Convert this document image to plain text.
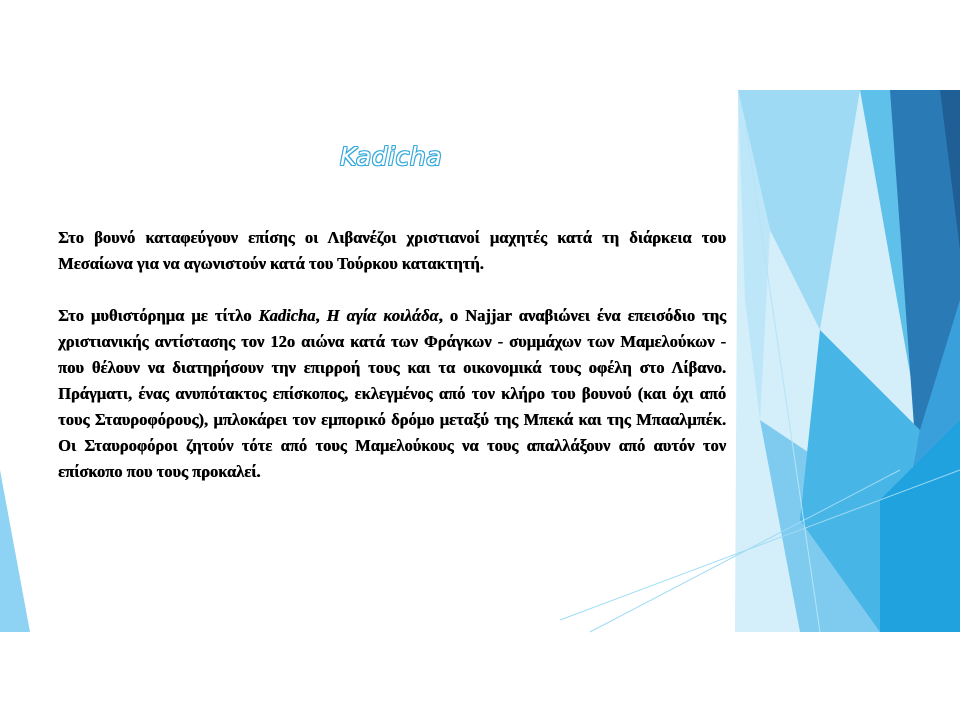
Kadicha

Στο βουνό καταφεύγουν επίσης οι Λιβανέζοι χριστιανοί μαχητές κατά τη διάρκεια του Μεσαίωνα για να αγωνιστούν κατά του Τούρκου κατακτητή.

Στο μυθιστόρημα με τίτλο Kadicha, Η αγία κοιλάδα, ο Najjar αναβιώνει ένα επεισόδιο της χριστιανικής αντίστασης τον 12ο αιώνα κατά των Φράγκων - συμμάχων των Μαμελούκων - που θέλουν να διατηρήσουν την επιρροή τους και τα οικονομικά τους οφέλη στο Λίβανο. Πράγματι, ένας ανυπότακτος επίσκοπος, εκλεγμένος από τον κλήρο του βουνού (και όχι από τους Σταυροφόρους), μπλοκάρει τον εμπορικό δρόμο μεταξύ της Μπεκά και της Μπααλμπέκ. Οι Σταυροφόροι ζητούν τότε από τους Μαμελούκους να τους απαλλάξουν από αυτόν τον επίσκοπο που τους προκαλεί.
